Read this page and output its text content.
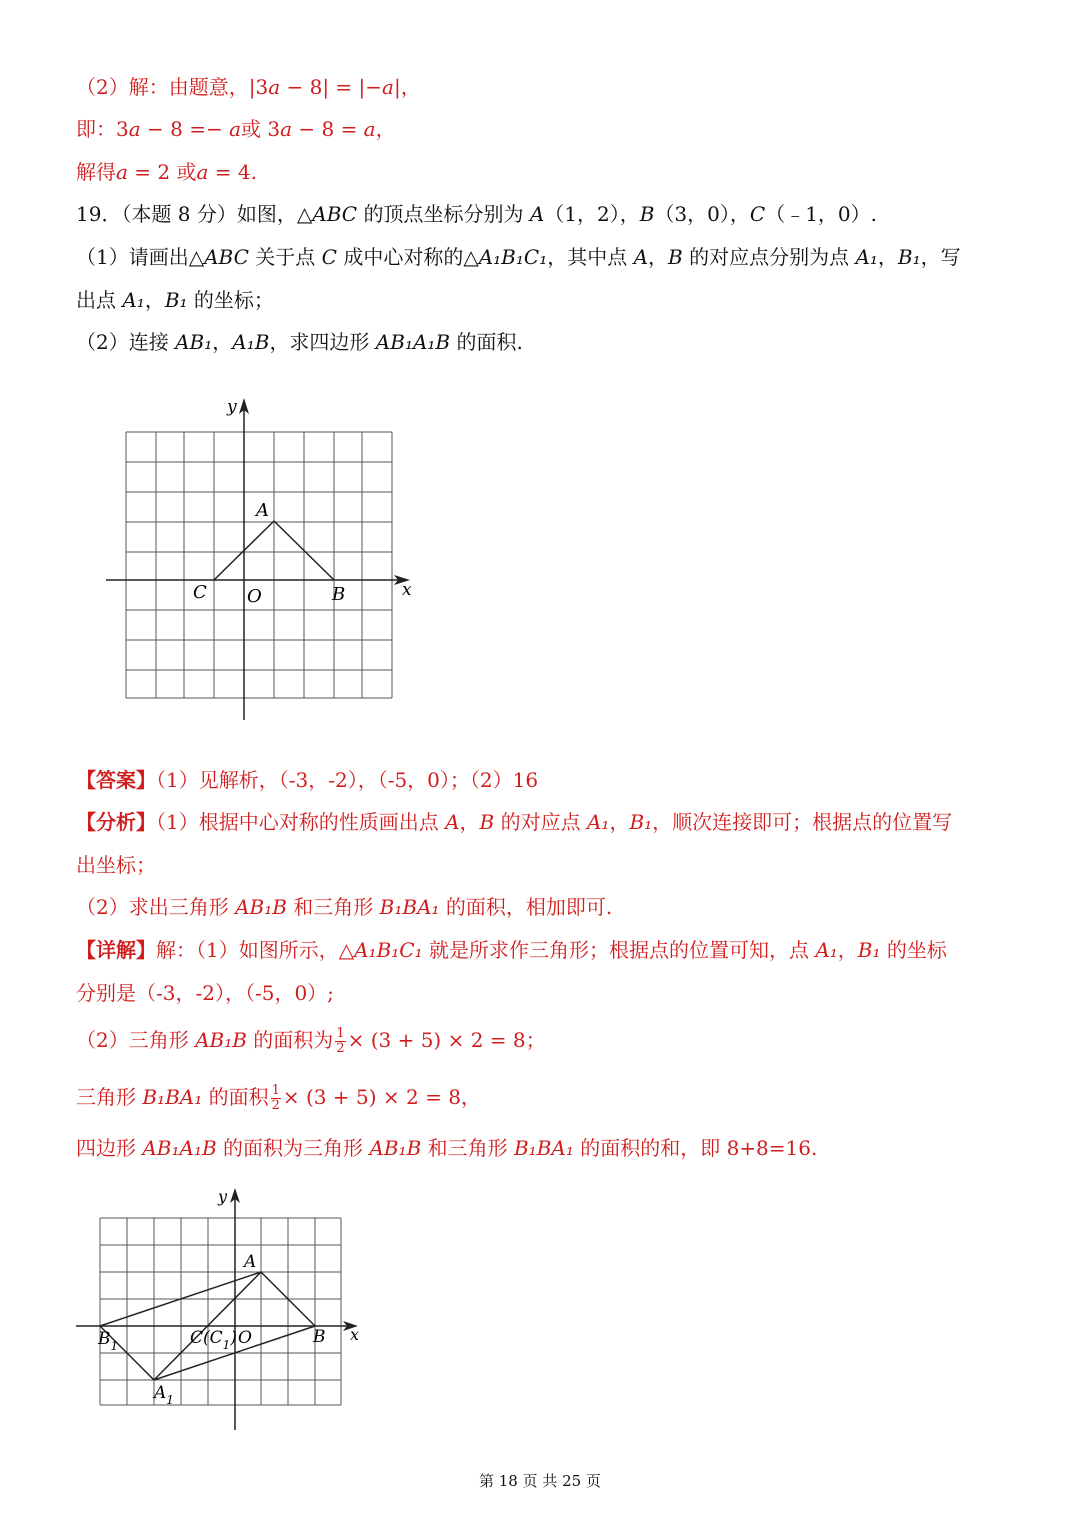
（2）解：由题意，|3𝑎 − 8| = |−𝑎|，
即：3𝑎 − 8 =− 𝑎或 3𝑎 − 8 = 𝑎，
解得𝑎 = 2 或𝑎 = 4.
19．（本题 8 分）如图，△ABC 的顶点坐标分别为 A（1，2），B（3，0），C（﹣1，0）.
（1）请画出△ABC 关于点 C 成中心对称的△A₁B₁C₁，其中点 A，B 的对应点分别为点 A₁，B₁，写
出点 A₁，B₁ 的坐标；
（2）连接 AB₁，A₁B，求四边形 AB₁A₁B 的面积.
y
x
A
B
C O
【答案】（1）见解析，（-3，-2），（-5，0）；（2）16
【分析】（1）根据中心对称的性质画出点 A，B 的对应点 A₁，B₁，顺次连接即可；根据点的位置写
出坐标；
（2）求出三角形 AB₁B 和三角形 B₁BA₁ 的面积，相加即可.
【详解】解：（1）如图所示，△A₁B₁C₁ 就是所求作三角形；根据点的位置可知，点 A₁，B₁ 的坐标
分别是（-3，-2），（-5，0）;
（2）三角形 AB₁B 的面积为 $\frac{1}{2} \times (3 + 5) \times 2 = 8$；
三角形 B₁BA₁ 的面积 $\frac{1}{2} \times (3 + 5) \times 2 = 8$，
四边形 AB₁A₁B 的面积为三角形 AB₁B 和三角形 B₁BA₁ 的面积的和，即 8+8=16.
y
x
A
B
$B_1$
$A_1$
$C(C_1)$ O
第 18 页 共 25 页
